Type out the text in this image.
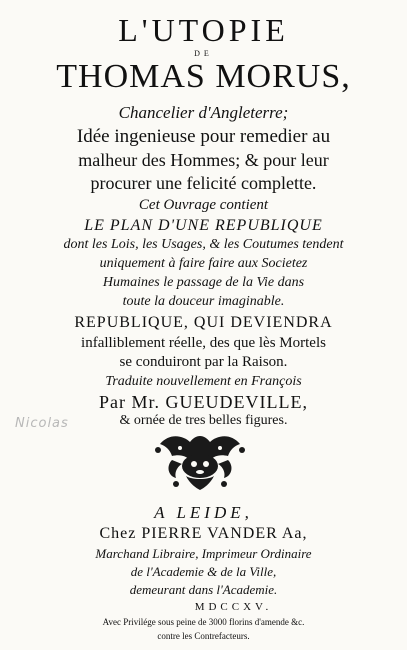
L'UTOPIE
DE
THOMAS MORUS,
Chancelier d'Angleterre;
Idée ingenieuse pour remedier au
malheur des Hommes; & pour leur
procurer une felicité complette.
Cet Ouvrage contient
LE PLAN D'UNE REPUBLIQUE
dont les Lois, les Usages, & les Coutumes tendent
uniquement à faire faire aux Societez
Humaines le passage de la Vie dans
toute la douceur imaginable.
REPUBLIQUE, QUI DEVIENDRA
infalliblement réelle, des que lès Mortels
se conduiront par la Raison.
Traduite nouvellement en François
Par Mr. GUEUDEVILLE,
& ornée de tres belles figures.
Nicolas
A LEIDE,
Chez PIERRE VANDER Aa,
Marchand Libraire, Imprimeur Ordinaire
de l'Academie & de la Ville,
demeurant dans l'Academie.
MDCCXV.
Avec Privilége sous peine de 3000 florins d'amende &c.
contre les Contrefacteurs.
